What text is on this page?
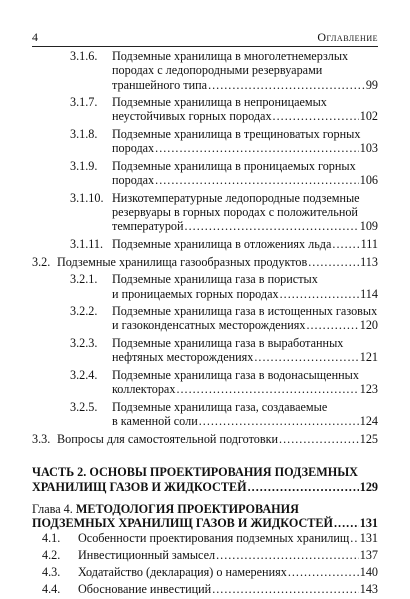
4	Оглавление
3.1.6. Подземные хранилища в многолетнемерзлых
породах с ледопородными резервуарами
траншейного типа .....	99
3.1.7. Подземные хранилища в непроницаемых
неустойчивых горных породах .....	102
3.1.8. Подземные хранилища в трещиноватых горных
породах .....	103
3.1.9. Подземные хранилища в проницаемых горных
породах .....	106
3.1.10. Низкотемпературные ледопородные подземные
резервуары в горных породах с положительной
температурой .....	109
3.1.11. Подземные хранилища в отложениях льда ..... 111
3.2. Подземные хранилища газообразных продуктов .....	113
3.2.1. Подземные хранилища газа в пористых
и проницаемых горных породах .....	114
3.2.2. Подземные хранилища газа в истощенных газовых
и газоконденсатных месторождениях .....	120
3.2.3. Подземные хранилища газа в выработанных
нефтяных месторождениях .....	121
3.2.4. Подземные хранилища газа в водонасыщенных
коллекторах .....	123
3.2.5. Подземные хранилища газа, создаваемые
в каменной соли .....	124
3.3. Вопросы для самостоятельной подготовки .....	125
ЧАСТЬ 2. ОСНОВЫ ПРОЕКТИРОВАНИЯ ПОДЗЕМНЫХ
ХРАНИЛИЩ ГАЗОВ И ЖИДКОСТЕЙ .....	129
Глава 4. МЕТОДОЛОГИЯ ПРОЕКТИРОВАНИЯ
ПОДЗЕМНЫХ ХРАНИЛИЩ ГАЗОВ И ЖИДКОСТЕЙ ..... 131
4.1. Особенности проектирования подземных хранилищ ..... 131
4.2. Инвестиционный замысел .....	137
4.3. Ходатайство (декларация) о намерениях .....	140
4.4. Обоснование инвестиций .....	143
